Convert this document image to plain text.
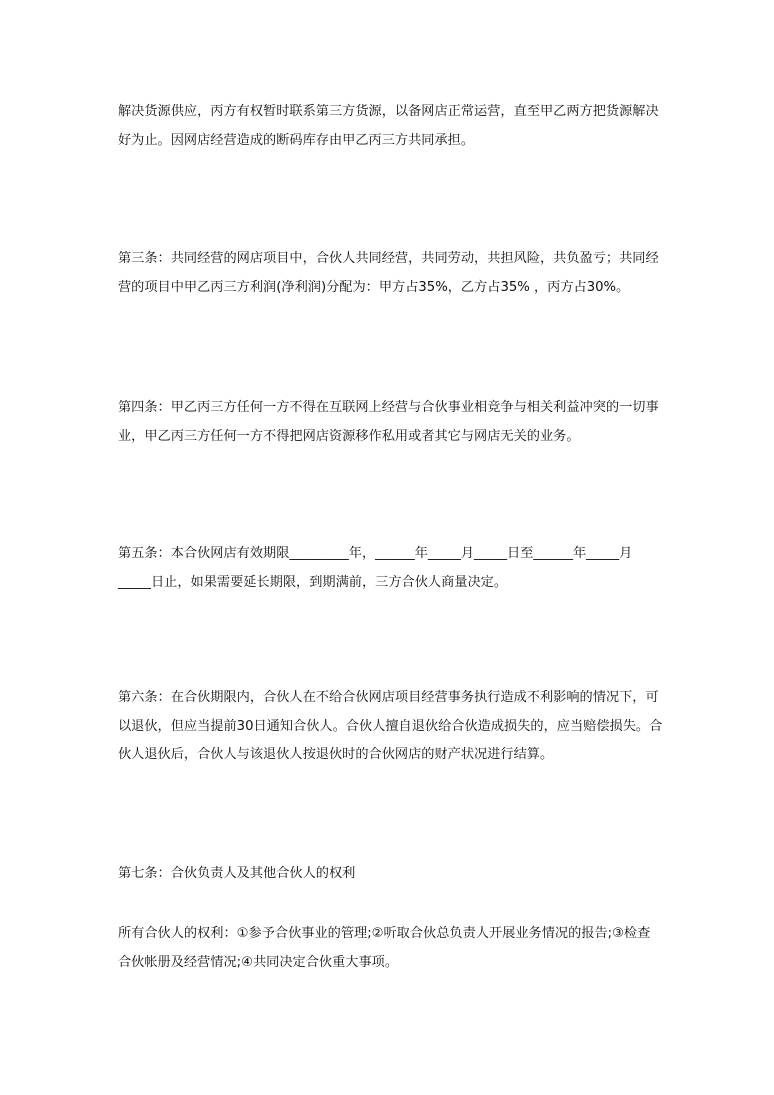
解决货源供应，丙方有权暂时联系第三方货源，以备网店正常运营，直至甲乙两方把货源解决好为止。因网店经营造成的断码库存由甲乙丙三方共同承担。

第三条：共同经营的网店项目中，合伙人共同经营，共同劳动，共担风险，共负盈亏；共同经营的项目中甲乙丙三方利润(净利润)分配为：甲方占35%，乙方占35% ，丙方占30%。

第四条：甲乙丙三方任何一方不得在互联网上经营与合伙事业相竞争与相关利益冲突的一切事业，甲乙丙三方任何一方不得把网店资源移作私用或者其它与网店无关的业务。

第五条：本合伙网店有效期限_________年，______年_____月_____日至______年_____月_____日止，如果需要延长期限，到期满前，三方合伙人商量决定。

第六条：在合伙期限内，合伙人在不给合伙网店项目经营事务执行造成不利影响的情况下，可以退伙，但应当提前30日通知合伙人。合伙人擅自退伙给合伙造成损失的，应当赔偿损失。合伙人退伙后，合伙人与该退伙人按退伙时的合伙网店的财产状况进行结算。

第七条：合伙负责人及其他合伙人的权利

所有合伙人的权利：①参予合伙事业的管理;②听取合伙总负责人开展业务情况的报告;③检查合伙帐册及经营情况;④共同决定合伙重大事项。
